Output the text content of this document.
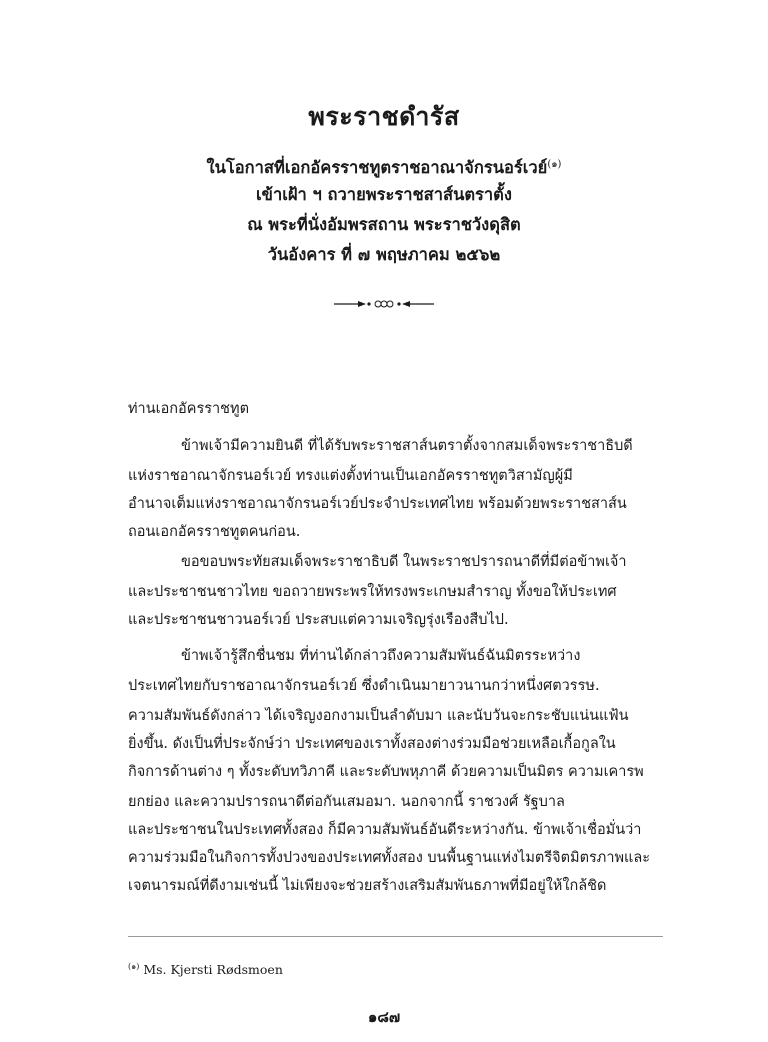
พระราชดำรัส
ในโอกาสที่เอกอัครราชทูตราชอาณาจักรนอร์เวย์$^{(๑)}$
เข้าเฝ้า ฯ ถวายพระราชสาส์นตราตั้ง
ณ พระที่นั่งอัมพรสถาน พระราชวังดุสิต
วันอังคาร ที่ ๗ พฤษภาคม ๒๕๖๒
ท่านเอกอัครราชทูต
ข้าพเจ้ามีความยินดี ที่ได้รับพระราชสาส์นตราตั้งจากสมเด็จพระราชาธิบดี
แห่งราชอาณาจักรนอร์เวย์ ทรงแต่งตั้งท่านเป็นเอกอัครราชทูตวิสามัญผู้มี
อำนาจเต็มแห่งราชอาณาจักรนอร์เวย์ประจำประเทศไทย พร้อมด้วยพระราชสาส์น
ถอนเอกอัครราชทูตคนก่อน.
ขอขอบพระทัยสมเด็จพระราชาธิบดี ในพระราชปรารถนาดีที่มีต่อข้าพเจ้า
และประชาชนชาวไทย ขอถวายพระพรให้ทรงพระเกษมสำราญ ทั้งขอให้ประเทศ
และประชาชนชาวนอร์เวย์ ประสบแต่ความเจริญรุ่งเรืองสืบไป.
ข้าพเจ้ารู้สึกชื่นชม ที่ท่านได้กล่าวถึงความสัมพันธ์ฉันมิตรระหว่าง
ประเทศไทยกับราชอาณาจักรนอร์เวย์ ซึ่งดำเนินมายาวนานกว่าหนึ่งศตวรรษ.
ความสัมพันธ์ดังกล่าว ได้เจริญงอกงามเป็นลำดับมา และนับวันจะกระชับแน่นแฟ้น
ยิ่งขึ้น. ดังเป็นที่ประจักษ์ว่า ประเทศของเราทั้งสองต่างร่วมมือช่วยเหลือเกื้อกูลใน
กิจการด้านต่าง ๆ ทั้งระดับทวิภาคี และระดับพหุภาคี ด้วยความเป็นมิตร ความเคารพ
ยกย่อง และความปรารถนาดีต่อกันเสมอมา. นอกจากนี้ ราชวงศ์ รัฐบาล
และประชาชนในประเทศทั้งสอง ก็มีความสัมพันธ์อันดีระหว่างกัน. ข้าพเจ้าเชื่อมั่นว่า
ความร่วมมือในกิจการทั้งปวงของประเทศทั้งสอง บนพื้นฐานแห่งไมตรีจิตมิตรภาพและ
เจตนารมณ์ที่ดีงามเช่นนี้ ไม่เพียงจะช่วยสร้างเสริมสัมพันธภาพที่มีอยู่ให้ใกล้ชิด
$^{(๑)}$ Ms. Kjersti Rødsmoen
๑๘๗
